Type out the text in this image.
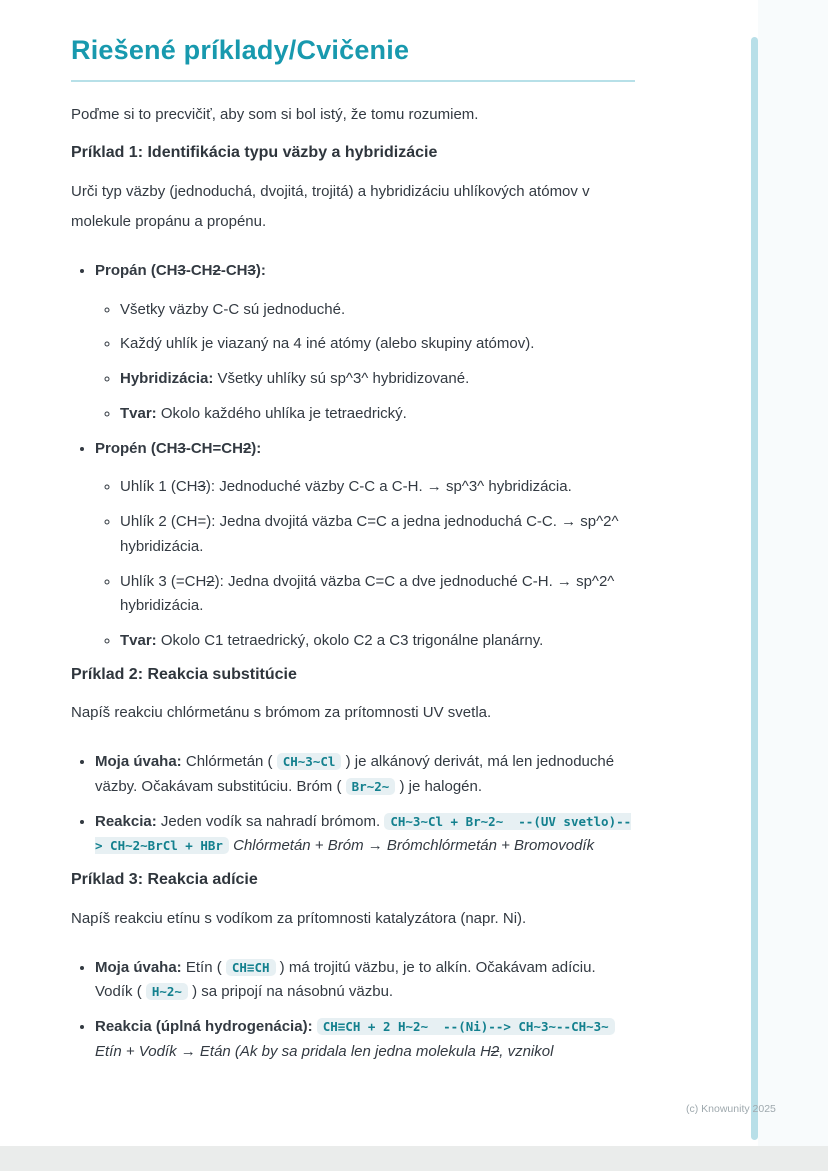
Riešené príklady/Cvičenie

Poďme si to precvičiť, aby som si bol istý, že tomu rozumiem.

Príklad 1: Identifikácia typu väzby a hybridizácie

Urči typ väzby (jednoduchá, dvojitá, trojitá) a hybridizáciu uhlíkových atómov v molekule propánu a propénu.

• Propán (CH3-CH2-CH3):
◦ Všetky väzby C-C sú jednoduché.
◦ Každý uhlík je viazaný na 4 iné atómy (alebo skupiny atómov).
◦ Hybridizácia: Všetky uhlíky sú sp^3^ hybridizované.
◦ Tvar: Okolo každého uhlíka je tetraedrický.
• Propén (CH3-CH=CH2):
◦ Uhlík 1 (CH3): Jednoduché väzby C-C a C-H. → sp^3^ hybridizácia.
◦ Uhlík 2 (CH=): Jedna dvojitá väzba C=C a jedna jednoduchá C-C. → sp^2^ hybridizácia.
◦ Uhlík 3 (=CH2): Jedna dvojitá väzba C=C a dve jednoduché C-H. → sp^2^ hybridizácia.
◦ Tvar: Okolo C1 tetraedrický, okolo C2 a C3 trigonálne planárny.
Príklad 2: Reakcia substitúcie

Napíš reakciu chlórmetánu s brómom za prítomnosti UV svetla.

• Moja úvaha: Chlórmetán ( CH~3~Cl ) je alkánový derivát, má len jednoduché väzby. Očakávam substitúciu. Bróm ( Br~2~ ) je halogén.
• Reakcia: Jeden vodík sa nahradí brómom. CH~3~Cl + Br~2~  --(UV svetlo)--> CH~2~BrCl + HBr Chlórmetán + Bróm → Brómchlórmetán + Bromovodík
Príklad 3: Reakcia adície

Napíš reakciu etínu s vodíkom za prítomnosti katalyzátora (napr. Ni).

• Moja úvaha: Etín ( CH≡CH ) má trojitú väzbu, je to alkín. Očakávam adíciu. Vodík ( H~2~ ) sa pripojí na násobnú väzbu.
• Reakcia (úplná hydrogenácia): CH≡CH + 2 H~2~  --(Ni)--> CH~3~--CH~3~ Etín + Vodík → Etán (Ak by sa pridala len jedna molekula H2, vznikol
(c) Knowunity 2025
